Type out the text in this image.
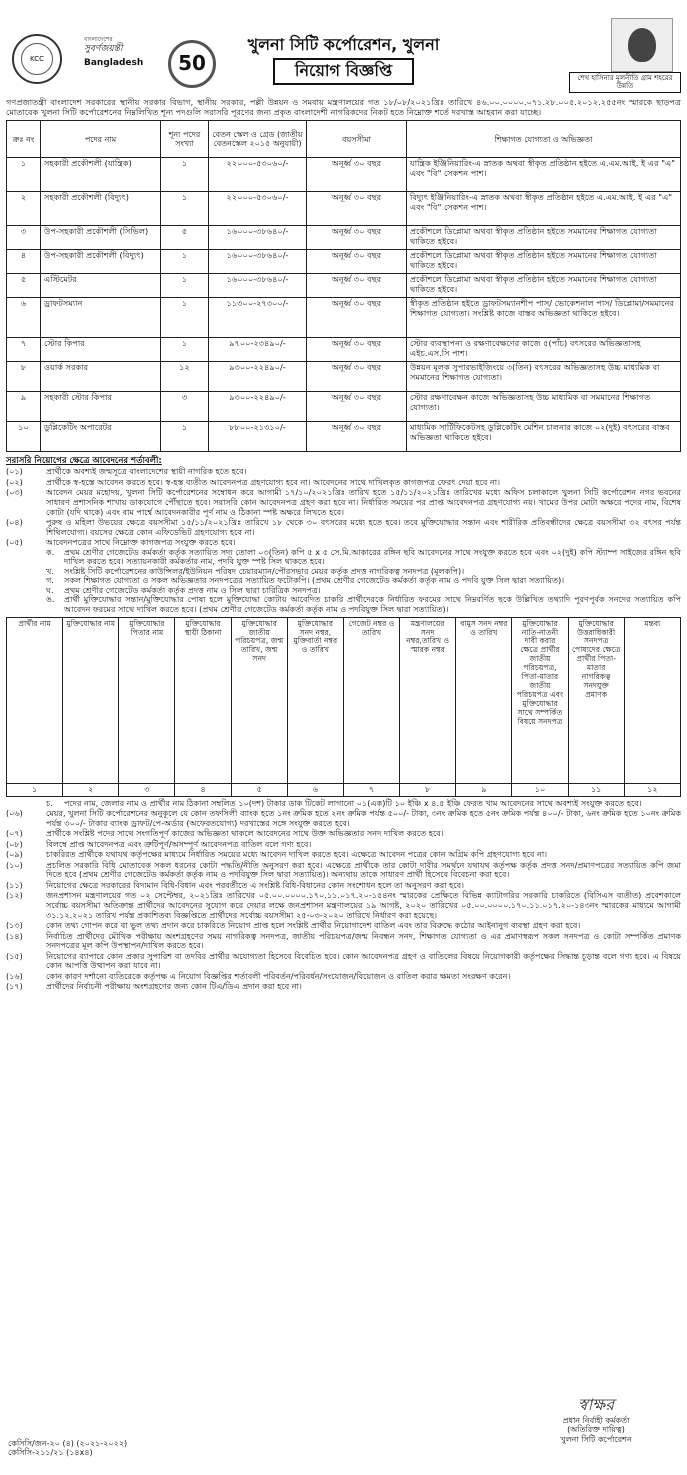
KCC
বাংলাদেশের
সুবর্ণজয়ন্তী
Bangladesh	50
খুলনা সিটি কর্পোরেশন, খুলনা
নিয়োগ বিজ্ঞপ্তি	শেখ হাসিনার মূলনীতি গ্রাম শহরের উন্নতি
গণপ্রজাতন্ত্রী বাংলাদেশ সরকারের স্থানীয় সরকার বিভাগ, স্থানীয় সরকার, পল্লী উন্নয়ন ও সমবায় মন্ত্রণালয়ের গত ১৮/০৮/২০২১খ্রিঃ তারিখে ৪৬.০০.০০০০.০৭১.২৮.০০৫.২০১২.২৫৫নং স্মারকে ছাড়পত্র মোতাবেক খুলনা সিটি কর্পোরেশনের নিম্নলিখিত শূন্য পদগুলি সরাসরি পূরণের জন্য প্রকৃত বাংলাদেশী নাগরিকদের নিকট হতে নিম্নোক্ত শর্তে দরখাস্ত আহবান করা যাচ্ছে।
ক্রঃ নং	পদের নাম	শূন্য পদের সংখ্যা	বেতন স্কেল ও গ্রেড (জাতীয় বেতনস্কেল ২০১৫ অনুযায়ী)	বয়সসীমা	শিক্ষাগত যোগ্যতা ও অভিজ্ঞতা
১	সহকারী প্রকৌশলী (যান্ত্রিক)	১	২২০০০-৫৩০৬০/-	অনূর্ধ্ব ৩০ বছর	যান্ত্রিক ইঞ্জিনিয়ারিং-এ স্নাতক অথবা স্বীকৃত প্রতিষ্ঠান হইতে এ.এম.আই. ই এর "এ" এবং "বি" সেকশন পাশ।
২	সহকারী প্রকৌশলী (বিদ্যুৎ)	১	২২০০০-৫৩০৬০/-	অনূর্ধ্ব ৩০ বছর	বিদ্যুৎ ইঞ্জিনিয়ারিং-এ স্নাতক অথবা স্বীকৃত প্রতিষ্ঠান হইতে এ.এম.আই. ই এর "এ" এবং "বি" সেকশন পাশ।
৩	উপ-সহকারী প্রকৌশলী (সিভিল)	৫	১৬০০০-৩৮৬৪০/-	অনূর্ধ্ব ৩০ বছর	প্রকৌশলে ডিপ্লোমা অথবা স্বীকৃত প্রতিষ্ঠান হইতে সমমানের শিক্ষাগত যোগ্যতা থাকিতে হইবে।
৪	উপ-সহকারী প্রকৌশলী (বিদ্যুৎ)	১	১৬০০০-৩৮৬৪০/-	অনূর্ধ্ব ৩০ বছর	প্রকৌশলে ডিপ্লোমা অথবা স্বীকৃত প্রতিষ্ঠান হইতে সমমানের শিক্ষাগত যোগ্যতা থাকিতে হইবে।
৫	এস্টিমেটর	১	১৬০০০-৩৮৬৪০/-	অনূর্ধ্ব ৩০ বছর	প্রকৌশলে ডিপ্লোমা অথবা স্বীকৃত প্রতিষ্ঠান হইতে সমমানের শিক্ষাগত যোগ্যতা থাকিতে হইবে।
৬	ড্রাফটসম্যান	১	১১৩০০-২৭৩০০/-	অনূর্ধ্ব ৩০ বছর	স্বীকৃত প্রতিষ্ঠান হইতে ড্রাফটসম্যানশীপ পাস/ ভোকেশনাল পাস/ ডিপ্লোমা/সমমানের শিক্ষাগত যোগ্যতা। সংশ্লিষ্ট কাজে বাস্তব অভিজ্ঞতা থাকিতে হইবে।
৭	স্টোর কিপার	১	৯৭০০-২৩৪৯০/-	অনূর্ধ্ব ৩০ বছর	স্টোর ব্যবস্থাপনা ও রক্ষণাবেক্ষণের কাজে ৫(পাঁচ) বৎসরের অভিজ্ঞতাসহ এইচ.এস.সি পাশ।
৮	ওয়ার্ক সরকার	১২	৯৩০০-২২৪৯০/-	অনূর্ধ্ব ৩০ বছর	উন্নয়ন মূলক সুপারভাইজিংয়ে ৩(তিন) বৎসরের অভিজ্ঞতাসহ উচ্চ মাধ্যমিক বা সমমানের শিক্ষাগত যোগ্যতা।
৯	সহকারী স্টোর কিপার	৩	৯৩০০-২২৪৯০/-	অনূর্ধ্ব ৩০ বছর	স্টোর রক্ষণাবেক্ষন কাজে অভিজ্ঞতাসহ উচ্চ মাধ্যমিক বা সমমানের শিক্ষাগত যোগ্যতা।
১০	ডুপ্লিকেটিং অপারেটর	১	৮৮০০-২১৩১০/-	অনূর্ধ্ব ৩০ বছর	মাধ্যমিক সার্টিফিকেটসহ ডুপ্লিকেটিং মেশিন চালনার কাজে ০২(দুই) বৎসরের বাস্তব অভিজ্ঞতা থাকিতে হইবে।
সরাসরি নিয়োগের ক্ষেত্রে আবেদনের শর্তাবলী:
(০১)	প্রার্থীকে অবশ্যই জন্মসূত্রে বাংলাদেশের স্থায়ী নাগরিক হতে হবে।
(০২)	প্রার্থীকে স্ব-হস্তে আবেদন করতে হবে। স্ব-হস্ত ব্যতীত আবেদনপত্র গ্রহণযোগ্য হবে না। আবেদনের সাথে দাখিলকৃত কাগজপত্র ফেরৎ দেয়া হবে না।
(০৩)	আবেদন মেয়র মহোদয়, খুলনা সিটি কর্পোরেশনের সম্বোধন করে আগামী ১৭/১০/২০২১খ্রিঃ তারিখ হতে ১৫/১১/২০২১খ্রিঃ তারিখের মধ্যে অফিস চলাকালে খুলনা সিটি কর্পোরেশন নগর ভবনের সাধারণ প্রশাসনিক শাখায় ডাকযোগে পৌঁছাতে হবে। সরাসরি কোন আবেদনপত্র গ্রহণ করা হবে না। নির্ধারিত সময়ের পর প্রাপ্ত আবেদনপত্র গ্রহণযোগ্য নয়। খামের উপর মোটা অক্ষরে পদের নাম, বিশেষ কোটা (যদি থাকে) এবং বাম পার্শ্বে আবেদনকারীর পূর্ণ নাম ও ঠিকানা স্পষ্ট অক্ষরে লিখতে হবে।
(০৪)	পুরুষ ও মহিলা উভয়ের ক্ষেত্রে বয়সসীমা ১৫/১১/২০২১খ্রিঃ তারিখে ১৮ থেকে ৩০ বৎসরের মধ্যে হতে হবে। তবে মুক্তিযোদ্ধার সন্তান এবং শারীরিক প্রতিবন্ধীদের ক্ষেত্রে বয়সসীমা ৩২ বৎসর পর্যন্ত শিথিলযোগ্য। বয়সের ক্ষেত্রে কোন এফিডেভিট গ্রহণযোগ্য হবে না।
(০৫)	আবেদনপত্রের সাথে নিম্নোক্ত কাগজপত্র সংযুক্ত করতে হবে।
ক.	প্রথম শ্রেণীর গেজেটেড কর্মকর্তা কর্তৃক সত্যায়িত সদ্য তোলা ০৩(তিন) কপি ৫ x ৫ সে.মি.আকারের রঙ্গিন ছবি আবেদনের সাথে সংযুক্ত করতে হবে এবং ০২(দুই) কপি স্ট্যাম্প সাইজের রঙ্গিন ছবি দাখিল করতে হবে। সত্যায়নকারী কর্মকর্তার নাম, পদবি যুক্ত স্পষ্ট সিল থাকতে হবে।
খ.	সংশ্লিষ্ট সিটি কর্পোরেশনের কাউন্সিলর/ইউনিয়ন পরিষদ চেয়ারম্যান/পৌরসভার মেয়র কর্তৃক প্রদত্ত নাগরিকত্ব সনদপত্র (মূলকপি)।
গ.	সকল শিক্ষাগত যোগ্যতা ও সকল অভিজ্ঞতার সনদপত্রের সত্যায়িত ফটোকপি। (প্রথম শ্রেণীর গেজেটেড কর্মকর্তা কর্তৃক নাম ও পদবি যুক্ত সিল দ্বারা সত্যায়িত)।
ঘ.	প্রথম শ্রেণীর গেজেটেড কর্মকর্তা কর্তৃক প্রদত্ত নাম ও সিল দ্বারা চারিত্রিক সনদপত্র।
ঙ.	প্রার্থী মুক্তিযোদ্ধার সন্তান/মুক্তিযোদ্ধার পোষ্য হলে মুক্তিযোদ্ধা কোটায় আবেদিত চাকরি প্রার্থীদেরকে নির্ধারিত ফরমের সাথে নিম্নবর্ণিত ছকে উল্লিখিত তথ্যাদি পূরণপূর্বক সনদের সত্যায়িত কপি আবেদন ফরমের সাথে দাখিল করতে হবে। (প্রথম শ্রেণীর গেজেটেড কর্মকর্তা কর্তৃক নাম ও পদবিযুক্ত সিল দ্বারা সত্যায়িত)।
প্রার্থীর নাম	মুক্তিযোদ্ধার নাম	মুক্তিযোদ্ধার পিতার নাম	মুক্তিযোদ্ধার স্থায়ী ঠিকানা	মুক্তিযোদ্ধার জাতীয় পরিচয়পত্র, জন্ম তারিখ, জন্ম সনদ	মুক্তিযোদ্ধার সনদ নম্বর, মুক্তিবার্তা নম্বর ও তারিখ	গেজেট নম্বর ও তারিখ	মন্ত্রণালয়ের সনদ নম্বর,তারিখ ও স্মারক নম্বর	বামুস সনদ নম্বর ও তারিখ	মুক্তিযোদ্ধার নাতি-নাতনী দাবী করার ক্ষেত্রে প্রার্থীর জাতীয় পরিচয়পত্র, পিতা-মাতার জাতীয় পরিচয়পত্র এবং মুক্তিযোদ্ধার সাথে সম্পর্কিত বিষয়ে সনদপত্র	মুক্তিযোদ্ধার উত্তরাধিকারী সনদপত্র পোষ্যদের ক্ষেত্রে প্রার্থীর পিতা-মাতার নাগরিকত্ব সনদযুক্ত প্রমাণক	মন্তব্য
১	২	৩	৪	৫	৬	৭	৮	৯	১০	১১	১২
চ.	পদের নাম, জেলার নাম ও প্রার্থীর নাম ঠিকানা সম্বলিত ১০(দশ) টাকার ডাক টিকেট লাগানো ০১(এক)টি ১০ ইঞ্চি x ৪.৫ ইঞ্চি ফেরত খাম আবেদনের সাথে অবশ্যই সংযুক্ত করতে হবে।
(০৬)	মেয়র, খুলনা সিটি কর্পোরেশনের অনুকূলে যে কোন তফসিলী ব্যাংক হতে ১নং ক্রমিক হতে ২নং ক্রমিক পর্যন্ত ৫০০/- টাকা, ৩নং ক্রমিক হতে ৫নং ক্রমিক পর্যন্ত ৪০০/- টাকা, ৬নং ক্রমিক হতে ১০নং ক্রমিক পর্যন্ত ৩০০/- টাকার ব্যাংক ড্রাফট/পে-অর্ডার (অফেরতযোগ্য) দরখাস্তের সঙ্গে সংযুক্ত করতে হবে।
(০৭)	প্রার্থীকে সংশ্লিষ্ট পদের সাথে সংগতিপূর্ণ কাজের অভিজ্ঞতা থাকলে আবেদনের সাথে উক্ত অভিজ্ঞতার সনদ দাখিল করতে হবে।
(০৮)	বিলম্বে প্রাপ্ত আবেদনপত্র এবং ত্রুটিপূর্ণ/অসম্পূর্ণ আবেদনপত্র বাতিল বলে গণ্য হবে।
(০৯)	চাকরিরত প্রার্থীকে যথাযথ কর্তৃপক্ষের মাধ্যমে নির্ধারিত সময়ের মধ্যে আবেদন দাখিল করতে হবে। এক্ষেত্রে আবেদন পত্রের কোন অগ্রিম কপি গ্রহণযোগ্য হবে না।
(১০)	প্রচলিত সরকারি বিধি মোতাবেক সকল ধরনের কোটা পদ্ধতি/নীতি অনুসরণ করা হবে। এক্ষেত্রে প্রার্থীকে তার কোটা দাবীর সমর্থনে যথাযথ কর্তৃপক্ষ কর্তৃক প্রদত্ত সনদ/প্রমাণপত্রের সত্যায়িত কপি জমা দিতে হবে (প্রথম শ্রেণীর গেজেটেড কর্মকর্তা কর্তৃক নাম ও পদবিযুক্ত সিল দ্বারা সত্যায়িত)। অন্যথায় তাকে সাধারণ প্রার্থী হিসেবে বিবেচনা করা হবে।
(১১)	নিয়োগের ক্ষেত্রে সরকারের বিদ্যমান বিধি-বিধান এবং পরবর্তীতে এ সংশ্লিষ্ট বিধি-বিধানের কোন সংশোধন হলে তা অনুসরণ করা হবে।
(১২)	জনপ্রশাসন মন্ত্রণালয়ের গত ০২ সেপ্টেম্বর, ২০২১খ্রিঃ তারিখের ০৫.০০.০০০০.১৭০.১১.০১৭.২০-১৫৪নং স্মারকের প্রেক্ষিতে বিভিন্ন ক্যাটাগরির সরকারি চাকরিতে (বিসিএস ব্যতীত) প্রবেশকালে সর্বোচ্চ বয়সসীমা অতিক্রান্ত প্রার্থীদের আবেদনের সুযোগ করে দেয়ার লক্ষে জনপ্রশাসন মন্ত্রণালয়ের ১৯ আগষ্ট, ২০২০ তারিখের ০৫.০০.০০০০.১৭০.১১.০১৭.২০-১৪৩নং স্মারকের মাধ্যমে আগামী ৩১.১২.২০২১ তারিখ পর্যন্ত প্রকাশিতব্য বিজ্ঞপ্তিতে প্রার্থীদের সর্বোচ্চ বয়সসীমা ২৫-০৩-২০২০ তারিখে নির্ধারণ করা হয়েছে।
(১৩)	কোন তথ্য গোপন করে বা ভুল তথ্য প্রদান করে চাকরিতে নিয়োগ প্রাপ্ত হলে সংশ্লিষ্ট প্রার্থীর নিয়োগাদেশ বাতিল এবং তার বিরুদ্ধে কঠোর আইনানুগ ব্যবস্থা গ্রহণ করা হবে।
(১৪)	নির্বাচিত প্রার্থীদের মৌখিক পরীক্ষায় অংশগ্রহণের সময় নাগরিকত্ব সনদপত্র, জাতীয় পরিচয়পত্র/জন্ম নিবন্ধন সনদ, শিক্ষাগত যোগ্যতা ও এর প্রমাণস্বরূপ সকল সনদপত্র ও কোটা সম্পর্কিত প্রমাণক সনদপত্রের মূল কপি উপস্থাপন/দাখিল করতে হবে।
(১৫)	নিয়োগের ব্যাপারে কোন প্রকার সুপারিশ বা তদবির প্রার্থীর অযোগ্যতা হিসেবে বিবেচিত হবে। কোন আবেদনপত্র গ্রহণ ও বাতিলের বিষয়ে নিয়োগকারী কর্তৃপক্ষের সিদ্ধান্ত চূড়ান্ত বলে গণ্য হবে। এ বিষয়ে কোন আপত্তি উত্থাপন করা যাবে না।
(১৬)	কোন কারণ দর্শানো ব্যতিরেকে কর্তৃপক্ষ এ নিয়োগ বিজ্ঞপ্তির শর্তাবলী পরিবর্তন/পরিবর্ধন/সংযোজন/বিয়োজন ও বাতিল করার ক্ষমতা সংরক্ষণ করেন।
(১৭)	প্রার্থীদের নির্বাচনী পরীক্ষায় অংশগ্রহণের জন্য কোন টিএ/ডিএ প্রদান করা হবে না।
স্বাক্ষর
প্রধান নির্বাহী কর্মকর্তা
(অতিরিক্ত দায়িত্ব)
খুলনা সিটি কর্পোরেশন
কেসিসি/জন-২০ (৪) (২০২১-২০২২)
কেসিসি-২১১/২১ (১৪x৪)
